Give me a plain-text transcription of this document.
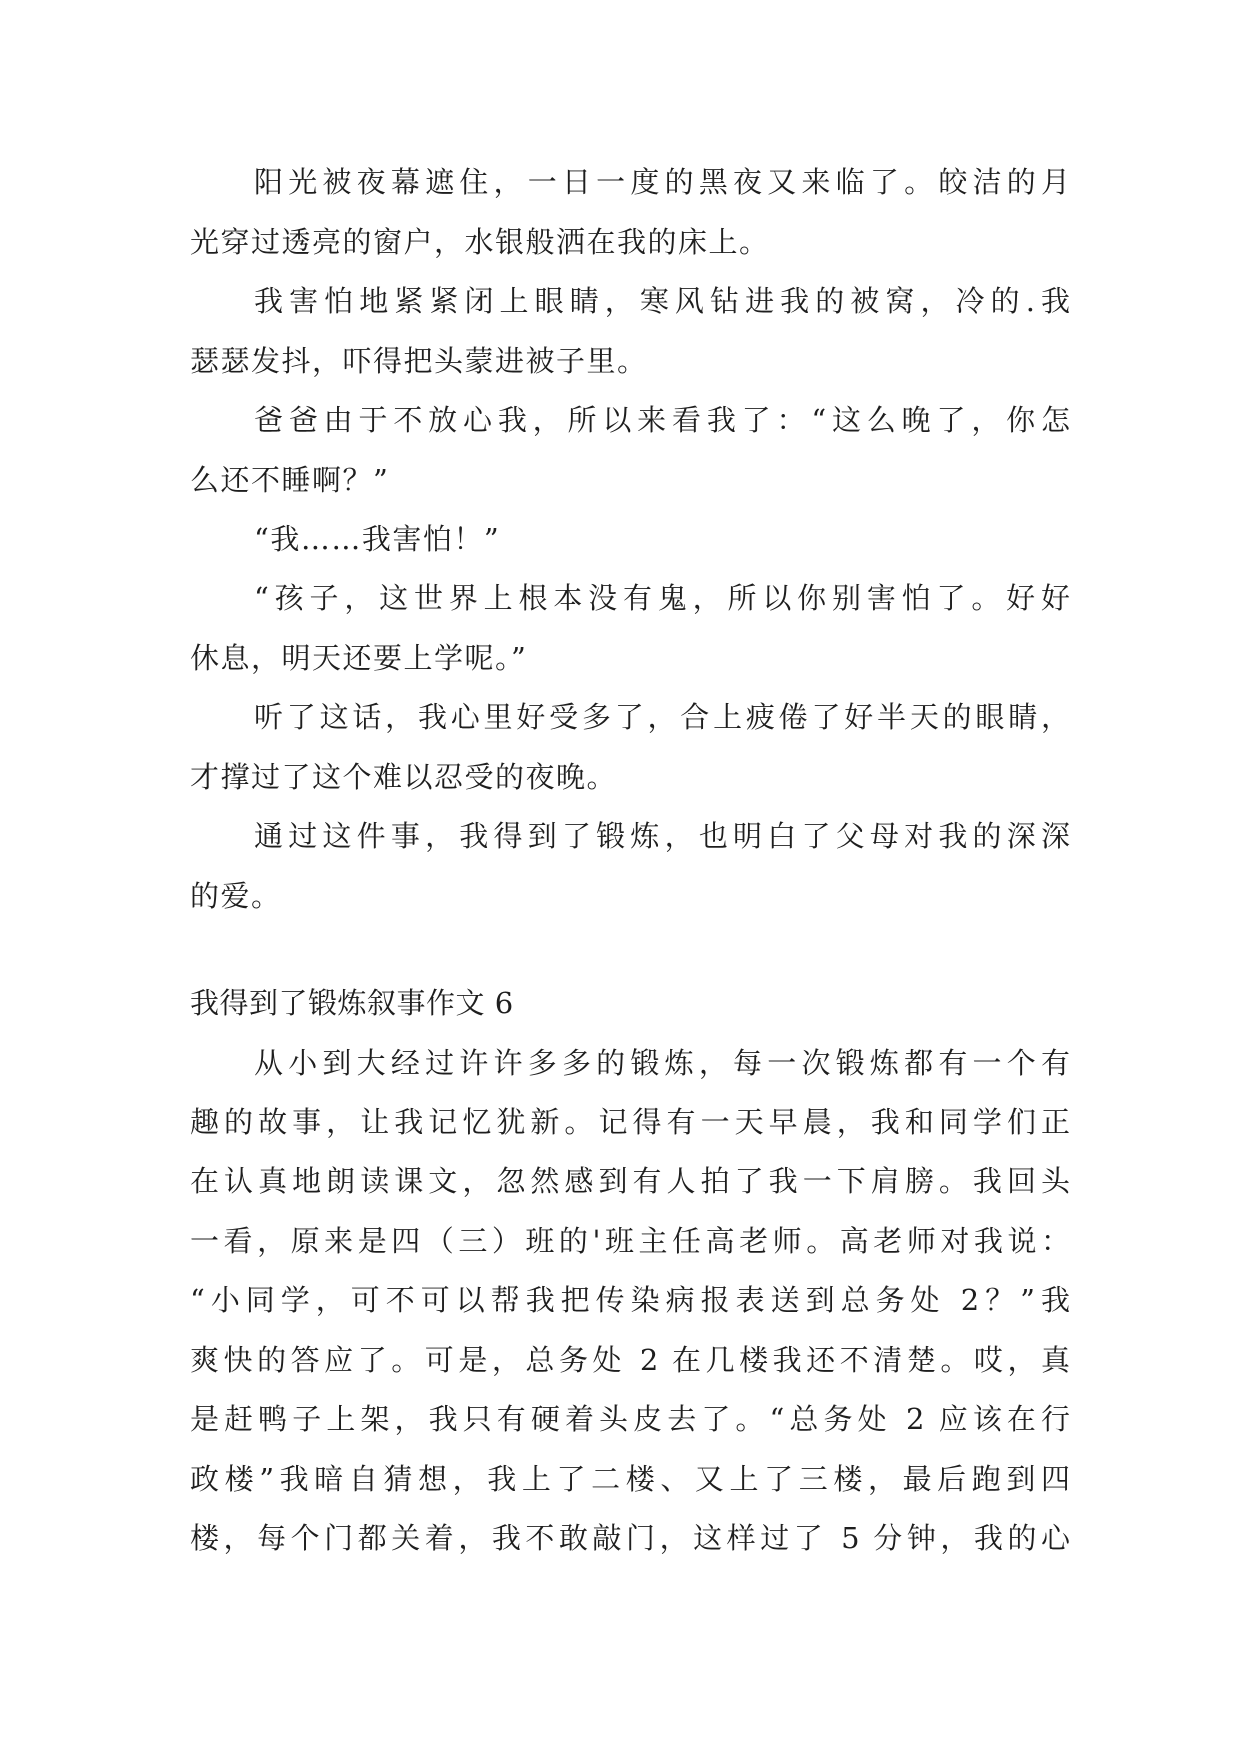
阳光被夜幕遮住，一日一度的黑夜又来临了。皎洁的月
光穿过透亮的窗户，水银般洒在我的床上。
我害怕地紧紧闭上眼睛，寒风钻进我的被窝，冷的.我
瑟瑟发抖，吓得把头蒙进被子里。
爸爸由于不放心我，所以来看我了：“这么晚了，你怎
么还不睡啊？”
“我……我害怕！”
“孩子，这世界上根本没有鬼，所以你别害怕了。好好
休息，明天还要上学呢。”
听了这话，我心里好受多了，合上疲倦了好半天的眼睛，
才撑过了这个难以忍受的夜晚。
通过这件事，我得到了锻炼，也明白了父母对我的深深
的爱。
我得到了锻炼叙事作文 6
从小到大经过许许多多的锻炼，每一次锻炼都有一个有
趣的故事，让我记忆犹新。记得有一天早晨，我和同学们正
在认真地朗读课文，忽然感到有人拍了我一下肩膀。我回头
一看，原来是四（三）班的'班主任高老师。高老师对我说：
“小同学，可不可以帮我把传染病报表送到总务处 2？”我
爽快的答应了。可是，总务处 2 在几楼我还不清楚。哎，真
是赶鸭子上架，我只有硬着头皮去了。“总务处 2 应该在行
政楼”我暗自猜想，我上了二楼、又上了三楼，最后跑到四
楼，每个门都关着，我不敢敲门，这样过了 5 分钟，我的心
